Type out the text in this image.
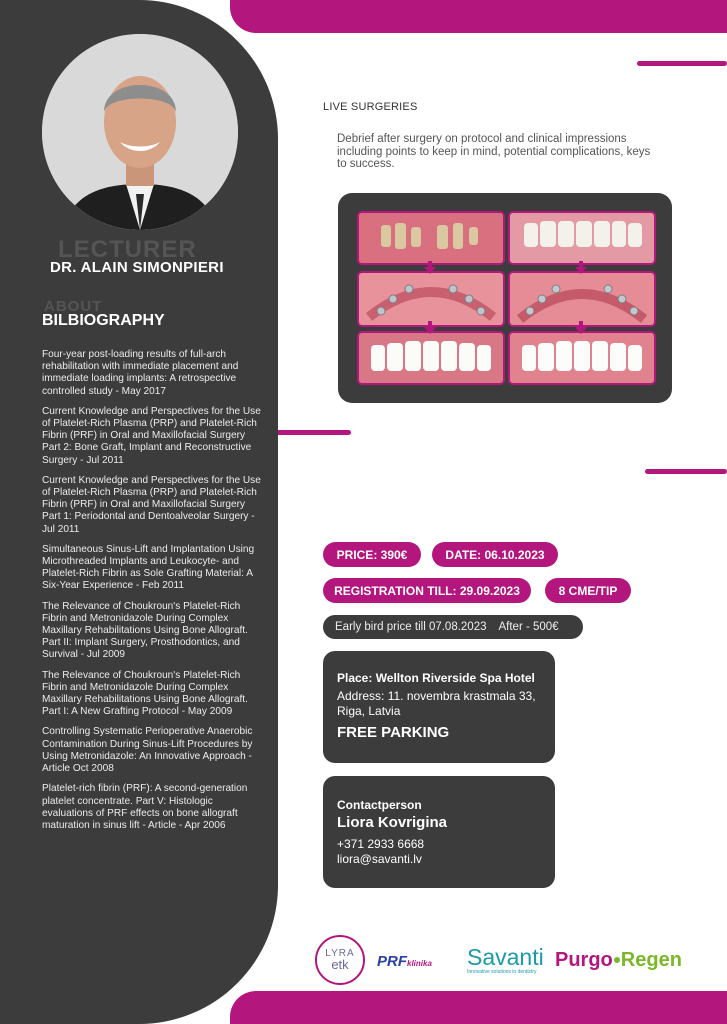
LECTURER
DR. ALAIN SIMONPIERI
ABOUT
BILBIOGRAPHY

Four-year post-loading results of full-arch rehabilitation with immediate placement and immediate loading implants: A retrospective controlled study - May 2017

Current Knowledge and Perspectives for the Use of Platelet-Rich Plasma (PRP) and Platelet-Rich Fibrin (PRF) in Oral and Maxillofacial Surgery Part 2: Bone Graft, Implant and Reconstructive Surgery - Jul 2011

Current Knowledge and Perspectives for the Use of Platelet-Rich Plasma (PRP) and Platelet-Rich Fibrin (PRF) in Oral and Maxillofacial Surgery Part 1: Periodontal and Dentoalveolar Surgery - Jul 2011

Simultaneous Sinus-Lift and Implantation Using Microthreaded Implants and Leukocyte- and Platelet-Rich Fibrin as Sole Grafting Material: A Six-Year Experience - Feb 2011

The Relevance of Choukroun's Platelet-Rich Fibrin and Metronidazole During Complex Maxillary Rehabilitations Using Bone Allograft. Part II: Implant Surgery, Prosthodontics, and Survival - Jul 2009

The Relevance of Choukroun's Platelet-Rich Fibrin and Metronidazole During Complex Maxillary Rehabilitations Using Bone Allograft. Part I: A New Grafting Protocol - May 2009

Controlling Systematic Perioperative Anaerobic Contamination During Sinus-Lift Procedures by Using Metronidazole: An Innovative Approach - Article Oct 2008

Platelet-rich fibrin (PRF): A second-generation platelet concentrate. Part V: Histologic evaluations of PRF effects on bone allograft maturation in sinus lift - Article - Apr 2006

LIVE SURGERIES
Debrief after surgery on protocol and clinical impressions including points to keep in mind, potential complications, keys to success.
PRICE: 390€	DATE: 06.10.2023
REGISTRATION TILL: 29.09.2023	8 CME/TIP
Early bird price till 07.08.2023 After - 500€
Place: Wellton Riverside Spa Hotel
Address: 11. novembra krastmala 33, Riga, Latvia
FREE PARKING
Contactperson
Liora Kovrigina
+371 2933 6668
liora@savanti.lv
LYRA
etk	PRFklinika Savanti
Innovative solutions in dentistry
Purgo Regen
